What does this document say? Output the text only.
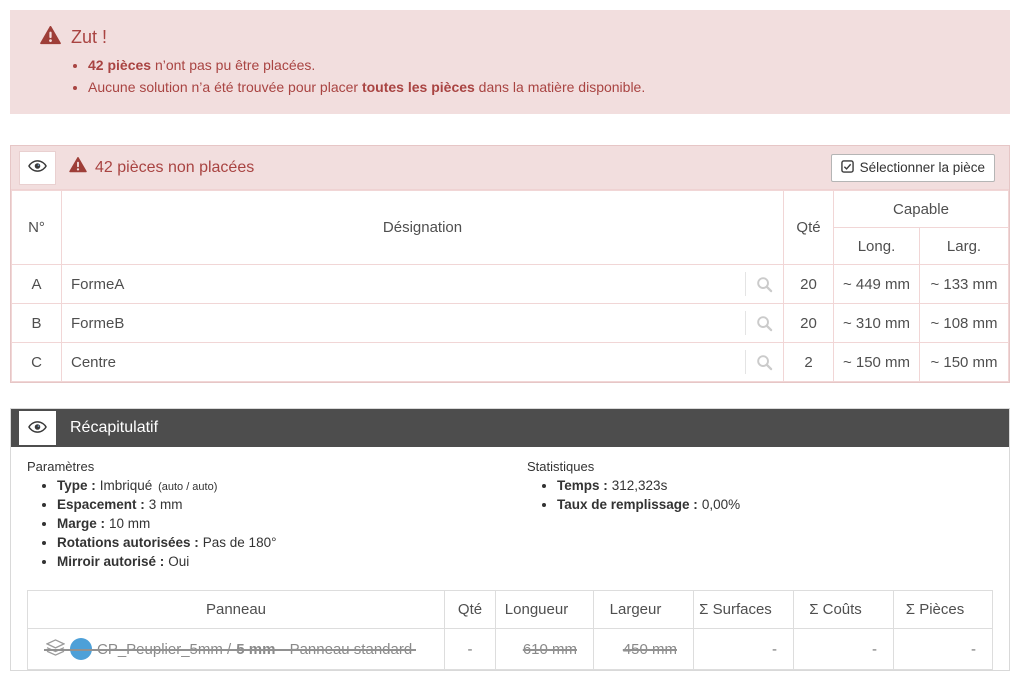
Zut !
• 42 pièces n’ont pas pu être placées.
• Aucune solution n’a été trouvée pour placer toutes les pièces dans la matière disponible.
42 pièces non placées	Sélectionner la pièce
N°	Désignation	Qté	Capable	
			Long.	Larg.
A	FormeA	20	~ 449 mm	~ 133 mm
B	FormeB	20	~ 310 mm	~ 108 mm
C	Centre	2	~ 150 mm	~ 150 mm
Récapitulatif
Paramètres
• Type : Imbriqué (auto / auto)
• Espacement : 3 mm
• Marge : 10 mm
• Rotations autorisées : Pas de 180°
• Mirroir autorisé : Oui
Statistiques
• Temps : 312,323s
• Taux de remplissage : 0,00%
Panneau	Qté	Longueur	Largeur	Σ Surfaces	Σ Coûts	Σ Pièces

CP_Peuplier_5mm / 5 mm - Panneau standard	-	610 mm	450 mm	-	-	-
